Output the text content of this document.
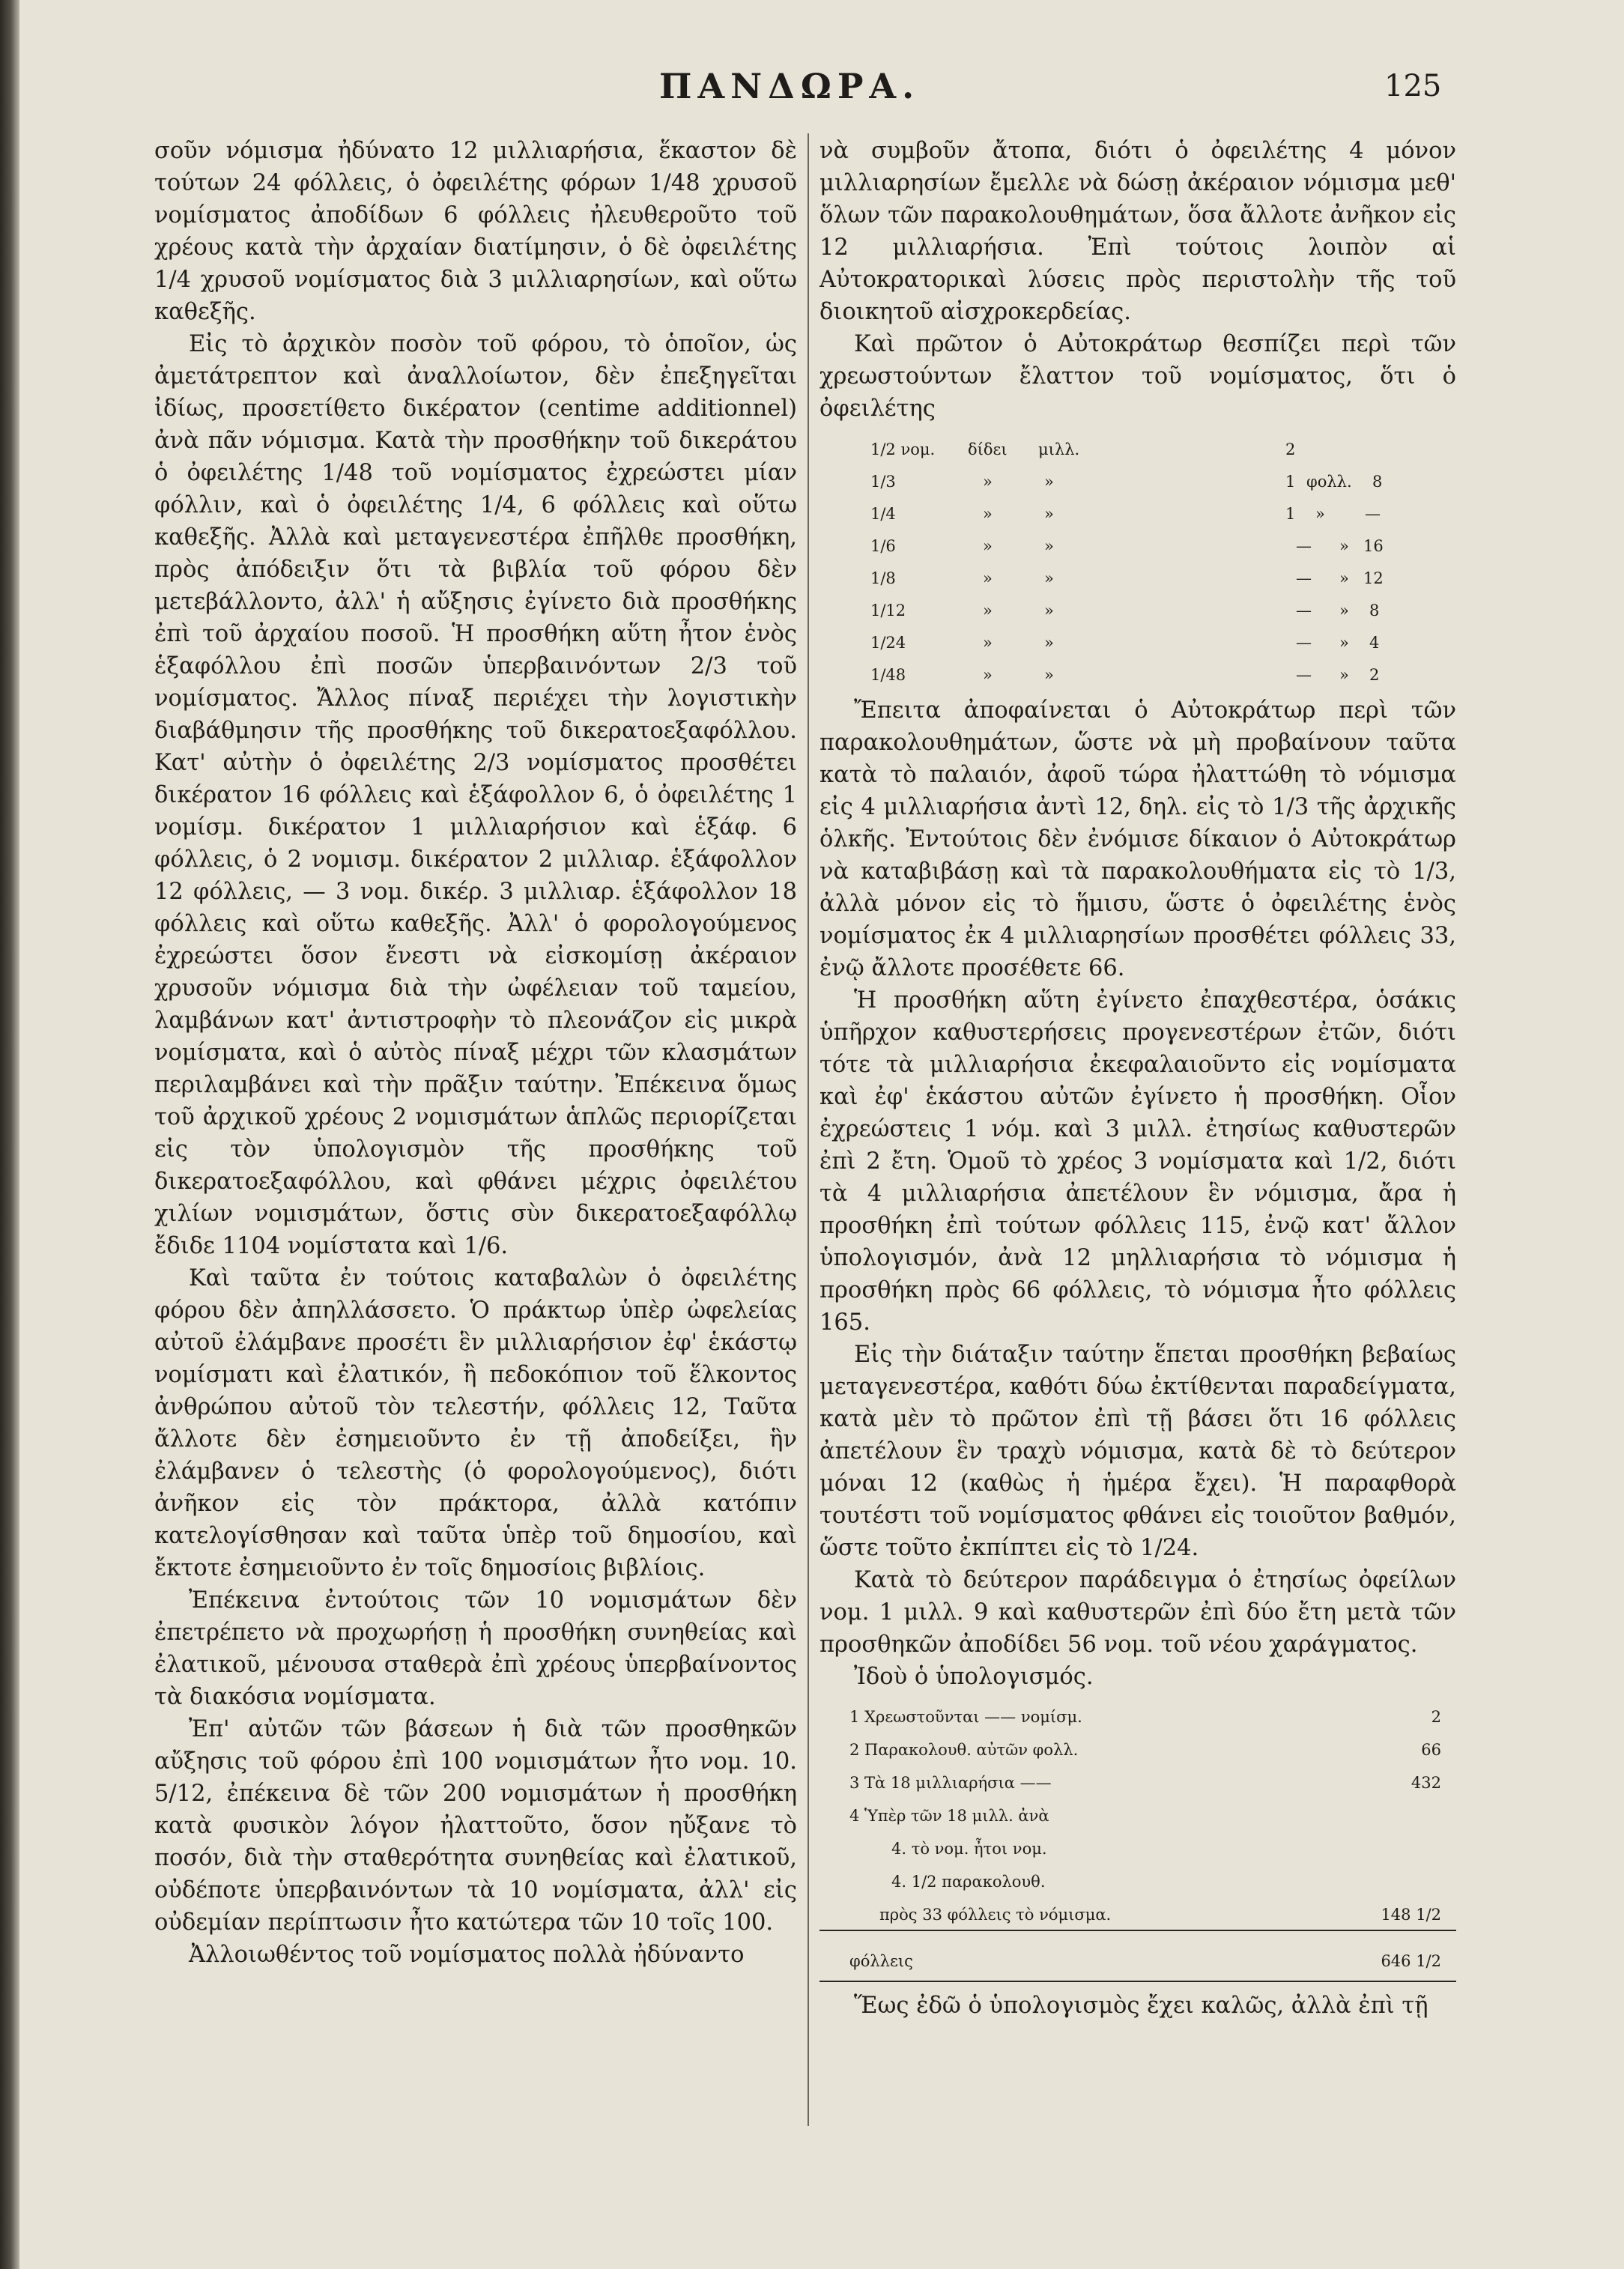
ΠΑΝΔΩΡΑ.	125

σοῦν νόμισμα ἠδύνατο 12 μιλλιαρήσια, ἕκαστον δὲ τούτων 24 φόλλεις, ὁ ὀφειλέτης φόρων 1/48 χρυσοῦ νομίσματος ἀποδίδων 6 φόλλεις ἠλευθεροῦτο τοῦ χρέους κατὰ τὴν ἀρχαίαν διατίμησιν, ὁ δὲ ὀφειλέτης 1/4 χρυσοῦ νομίσματος διὰ 3 μιλλιαρησίων, καὶ οὕτω καθεξῆς.

Εἰς τὸ ἀρχικὸν ποσὸν τοῦ φόρου, τὸ ὁποῖον, ὡς ἀμετάτρεπτον καὶ ἀναλλοίωτον, δὲν ἐπεξηγεῖται ἰδίως, προσετίθετο δικέρατον (centime additionnel) ἀνὰ πᾶν νόμισμα. Κατὰ τὴν προσθήκην τοῦ δικεράτου ὁ ὀφειλέτης 1/48 τοῦ νομίσματος ἐχρεώστει μίαν φόλλιν, καὶ ὁ ὀφειλέτης 1/4, 6 φόλλεις καὶ οὕτω καθεξῆς. Ἀλλὰ καὶ μεταγενεστέρα ἐπῆλθε προσθήκη, πρὸς ἀπόδειξιν ὅτι τὰ βιβλία τοῦ φόρου δὲν μετεβάλλοντο, ἀλλ' ἡ αὔξησις ἐγίνετο διὰ προσθήκης ἐπὶ τοῦ ἀρχαίου ποσοῦ. Ἡ προσθήκη αὕτη ἦτον ἑνὸς ἑξαφόλλου ἐπὶ ποσῶν ὑπερβαινόντων 2/3 τοῦ νομίσματος. Ἄλλος πίναξ περιέχει τὴν λογιστικὴν διαβάθμησιν τῆς προσθήκης τοῦ δικερατοεξαφόλλου. Κατ' αὐτὴν ὁ ὀφειλέτης 2/3 νομίσματος προσθέτει δικέρατον 16 φόλλεις καὶ ἑξάφολλον 6, ὁ ὀφειλέτης 1 νομίσμ. δικέρατον 1 μιλλιαρήσιον καὶ ἑξάφ. 6 φόλλεις, ὁ 2 νομισμ. δικέρατον 2 μιλλιαρ. ἑξάφολλον 12 φόλλεις, — 3 νομ. δικέρ. 3 μιλλιαρ. ἑξάφολλον 18 φόλλεις καὶ οὕτω καθεξῆς. Ἀλλ' ὁ φορολογούμενος ἐχρεώστει ὅσον ἔνεστι νὰ εἰσκομίσῃ ἀκέραιον χρυσοῦν νόμισμα διὰ τὴν ὠφέλειαν τοῦ ταμείου, λαμβάνων κατ' ἀντιστροφὴν τὸ πλεονάζον εἰς μικρὰ νομίσματα, καὶ ὁ αὐτὸς πίναξ μέχρι τῶν κλασμάτων περιλαμβάνει καὶ τὴν πρᾶξιν ταύτην. Ἐπέκεινα ὅμως τοῦ ἀρχικοῦ χρέους 2 νομισμάτων ἁπλῶς περιορίζεται εἰς τὸν ὑπολογισμὸν τῆς προσθήκης τοῦ δικερατοεξαφόλλου, καὶ φθάνει μέχρις ὀφειλέτου χιλίων νομισμάτων, ὅστις σὺν δικερατοεξαφόλλῳ ἔδιδε 1104 νομίστατα καὶ 1/6.

Καὶ ταῦτα ἐν τούτοις καταβαλὼν ὁ ὀφειλέτης φόρου δὲν ἀπηλλάσσετο. Ὁ πράκτωρ ὑπὲρ ὠφελείας αὐτοῦ ἐλάμβανε προσέτι ἓν μιλλιαρήσιον ἐφ' ἑκάστῳ νομίσματι καὶ ἐλατικόν, ἢ πεδοκόπιον τοῦ ἕλκοντος ἀνθρώπου αὐτοῦ τὸν τελεστήν, φόλλεις 12, Ταῦτα ἄλλοτε δὲν ἐσημειοῦντο ἐν τῇ ἀποδείξει, ἣν ἐλάμβανεν ὁ τελεστὴς (ὁ φορολογούμενος), διότι ἀνῆκον εἰς τὸν πράκτορα, ἀλλὰ κατόπιν κατελογίσθησαν καὶ ταῦτα ὑπὲρ τοῦ δημοσίου, καὶ ἔκτοτε ἐσημειοῦντο ἐν τοῖς δημοσίοις βιβλίοις.

Ἐπέκεινα ἐντούτοις τῶν 10 νομισμάτων δὲν ἐπετρέπετο νὰ προχωρήσῃ ἡ προσθήκη συνηθείας καὶ ἐλατικοῦ, μένουσα σταθερὰ ἐπὶ χρέους ὑπερβαίνοντος τὰ διακόσια νομίσματα.

Ἐπ' αὐτῶν τῶν βάσεων ἡ διὰ τῶν προσθηκῶν αὔξησις τοῦ φόρου ἐπὶ 100 νομισμάτων ἦτο νομ. 10. 5/12, ἐπέκεινα δὲ τῶν 200 νομισμάτων ἡ προσθήκη κατὰ φυσικὸν λόγον ἠλαττοῦτο, ὅσον ηὔξανε τὸ ποσόν, διὰ τὴν σταθερότητα συνηθείας καὶ ἐλατικοῦ, οὐδέποτε ὑπερβαινόντων τὰ 10 νομίσματα, ἀλλ' εἰς οὐδεμίαν περίπτωσιν ἦτο κατώτερα τῶν 10 τοῖς 100.

Ἀλλοιωθέντος τοῦ νομίσματος πολλὰ ἠδύναντο

νὰ συμβοῦν ἄτοπα, διότι ὁ ὀφειλέτης 4 μόνον μιλλιαρησίων ἔμελλε νὰ δώσῃ ἀκέραιον νόμισμα μεθ' ὅλων τῶν παρακολουθημάτων, ὅσα ἄλλοτε ἀνῆκον εἰς 12 μιλλιαρήσια. Ἐπὶ τούτοις λοιπὸν αἱ Αὐτοκρατορικαὶ λύσεις πρὸς περιστολὴν τῆς τοῦ διοικητοῦ αἰσχροκερδείας.

Καὶ πρῶτον ὁ Αὐτοκράτωρ θεσπίζει περὶ τῶν χρεωστούντων ἔλαττον τοῦ νομίσματος, ὅτι ὁ ὀφειλέτης

1/2 νομ. δίδει μιλλ.	2
1/3	»	»	1 φολλ. 8
1/4	»	»	1 »	—
1/6	»	»	— » 16
1/8	»	»	— » 12
1/12	»	»	— » 8
1/24	»	»	— » 4
1/48	»	»	— » 2

Ἔπειτα ἀποφαίνεται ὁ Αὐτοκράτωρ περὶ τῶν παρακολουθημάτων, ὥστε νὰ μὴ προβαίνουν ταῦτα κατὰ τὸ παλαιόν, ἀφοῦ τώρα ἠλαττώθη τὸ νόμισμα εἰς 4 μιλλιαρήσια ἀντὶ 12, δηλ. εἰς τὸ 1/3 τῆς ἀρχικῆς ὁλκῆς. Ἐντούτοις δὲν ἐνόμισε δίκαιον ὁ Αὐτοκράτωρ νὰ καταβιβάσῃ καὶ τὰ παρακολουθήματα εἰς τὸ 1/3, ἀλλὰ μόνον εἰς τὸ ἥμισυ, ὥστε ὁ ὀφειλέτης ἑνὸς νομίσματος ἐκ 4 μιλλιαρησίων προσθέτει φόλλεις 33, ἐνῷ ἄλλοτε προσέθετε 66.

Ἡ προσθήκη αὕτη ἐγίνετο ἐπαχθεστέρα, ὁσάκις ὑπῆρχον καθυστερήσεις προγενεστέρων ἐτῶν, διότι τότε τὰ μιλλιαρήσια ἐκεφαλαιοῦντο εἰς νομίσματα καὶ ἐφ' ἑκάστου αὐτῶν ἐγίνετο ἡ προσθήκη. Οἷον ἐχρεώστεις 1 νόμ. καὶ 3 μιλλ. ἐτησίως καθυστερῶν ἐπὶ 2 ἔτη. Ὁμοῦ τὸ χρέος 3 νομίσματα καὶ 1/2, διότι τὰ 4 μιλλιαρήσια ἀπετέλουν ἓν νόμισμα, ἄρα ἡ προσθήκη ἐπὶ τούτων φόλλεις 115, ἐνῷ κατ' ἄλλον ὑπολογισμόν, ἀνὰ 12 μηλλιαρήσια τὸ νόμισμα ἡ προσθήκη πρὸς 66 φόλλεις, τὸ νόμισμα ἦτο φόλλεις 165.

Εἰς τὴν διάταξιν ταύτην ἕπεται προσθήκη βεβαίως μεταγενεστέρα, καθότι δύω ἐκτίθενται παραδείγματα, κατὰ μὲν τὸ πρῶτον ἐπὶ τῇ βάσει ὅτι 16 φόλλεις ἀπετέλουν ἓν τραχὺ νόμισμα, κατὰ δὲ τὸ δεύτερον μόναι 12 (καθὼς ἡ ἡμέρα ἔχει). Ἡ παραφθορὰ τουτέστι τοῦ νομίσματος φθάνει εἰς τοιοῦτον βαθμόν, ὥστε τοῦτο ἐκπίπτει εἰς τὸ 1/24.

Κατὰ τὸ δεύτερον παράδειγμα ὁ ἐτησίως ὀφείλων νομ. 1 μιλλ. 9 καὶ καθυστερῶν ἐπὶ δύο ἔτη μετὰ τῶν προσθηκῶν ἀποδίδει 56 νομ. τοῦ νέου χαράγματος.

Ἰδοὺ ὁ ὑπολογισμός.

1 Χρεωστοῦνται —— νομίσμ.	2
2 Παρακολουθ. αὐτῶν φολλ.	66
3 Τὰ 18 μιλλιαρήσια ——	432
4 Ὑπὲρ τῶν 18 μιλλ. ἀνὰ
4. τὸ νομ. ἦτοι νομ.
4. 1/2 παρακολουθ.
πρὸς 33 φόλλεις τὸ νόμισμα.	148 1/2
φόλλεις	646 1/2

Ἕως ἐδῶ ὁ ὑπολογισμὸς ἔχει καλῶς, ἀλλὰ ἐπὶ τῇ
